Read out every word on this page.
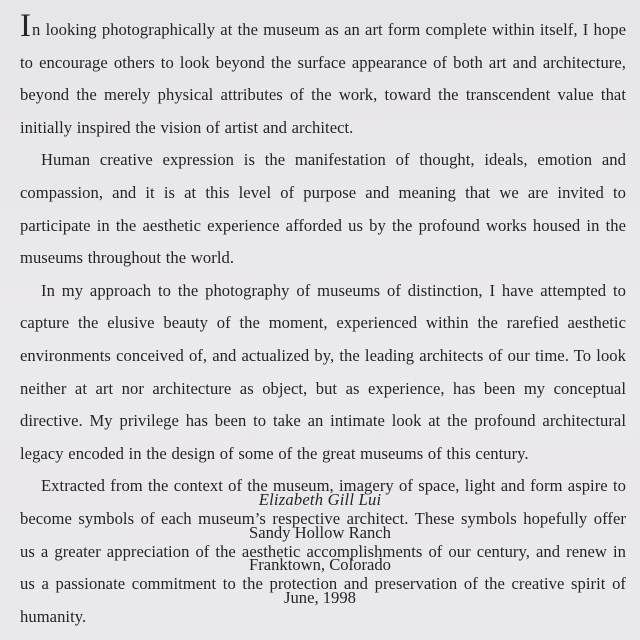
In looking photographically at the museum as an art form complete within itself, I hope to encourage others to look beyond the surface appearance of both art and architecture, beyond the merely physical attributes of the work, toward the transcendent value that initially inspired the vision of artist and architect.

Human creative expression is the manifestation of thought, ideals, emotion and compassion, and it is at this level of purpose and meaning that we are invited to participate in the aesthetic experience afforded us by the profound works housed in the museums throughout the world.

In my approach to the photography of museums of distinction, I have attempted to capture the elusive beauty of the moment, experienced within the rarefied aesthetic environments conceived of, and actualized by, the leading architects of our time. To look neither at art nor architecture as object, but as experience, has been my conceptual directive. My privilege has been to take an intimate look at the profound architectural legacy encoded in the design of some of the great museums of this century.

Extracted from the context of the museum, imagery of space, light and form aspire to become symbols of each museum’s respective architect. These symbols hopefully offer us a greater appreciation of the aesthetic accomplishments of our century, and renew in us a passionate commitment to the protection and preservation of the creative spirit of humanity.

Elizabeth Gill Lui
Sandy Hollow Ranch
Franktown, Colorado
June, 1998
